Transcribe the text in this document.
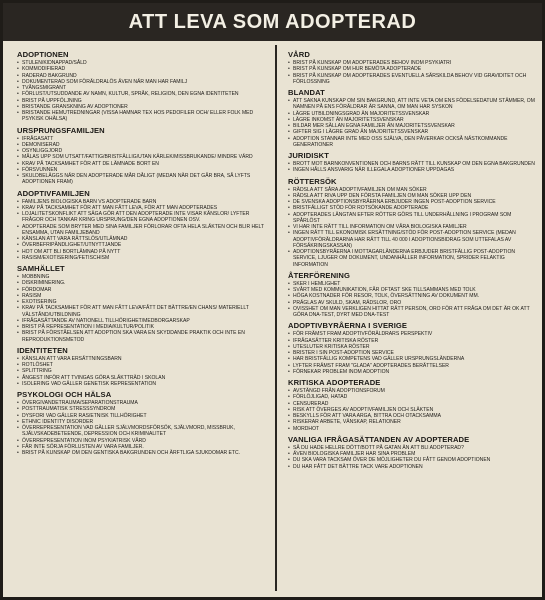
ATT LEVA SOM ADOPTERAD
ADOPTIONEN
• STULEN/KIDNAPPAD/SÅLD
• KOMMODIFIERAD
• RADERAD BAKGRUND
• DOKUMENTERAD SOM FÖRÄLDRALÖS ÄVEN NÄR MAN HAR FAMILJ
• TVÅNGSMIGRANT
• FÖRLUST/UTSUDDANDE AV NAMN, KULTUR, SPRÅK, RELIGION, DEN EGNA IDENTITETEN
• BRIST PÅ UPPFÖLJNING
• BRISTANDE GRANSKNING AV ADOPTIONER
• BRISTANDE HEMUTREDNINGAR (VISSA HAMNAR TEX HOS PEDOFILER OCH/ ELLER FOLK MED PSYKISK OHÄLSA)
URSPRUNGSFAMILJEN
• IFRÅGASATT
• DEMONISERAD
• OSYNLIGGJORD
• MÅLAS UPP SOM UTSATT/FATTIG/BRISTFÄLLIG/UTAN KÄRLEK/MISSBRUKANDE/ MINDRE VÄRD
• KRAV PÅ TACKSAMHET FÖR ATT DE LÄMNADE BORT EN
• FÖRSVUNNEN
• SKULDBELÄGGS NÄR DEN ADOPTERADE MÅR DÅLIGT (MEDAN NÄR DET GÅR BRA, SÅ LYFTS ADOPTIONEN FRAM)
ADOPTIVFAMILJEN
• FAMILJENS BIOLOGISKA BARN VS ADOPTERADE BARN
• KRAV PÅ TACKSAMHET FÖR ATT MAN FÅTT LEVA, FÖR ATT MAN ADOPTERADES
• LOJALITETSKONFLIKT ATT SÄGA GÖR ATT DEN ADOPTERADE INTE VISAR KÄNSLOR/ LYFTER FRÅGOR OCH TANKAR KRING URSPRUNG/DEN EGNA ADOPTIONEN OSV.
• ADOPTERADE SOM BRYTER MED SINA FAMILJER FÖRLORAR OFTA HELA SLÄKTEN OCH BLIR HELT ENSAMMA, UTAN FAMILJEBAND
• KÄNSLAN ATT VARA RÄTTSLÖS/UTLÄMNAD
• ÖVERBEFRIPÄNDLIGHET/UTNYTTJANDE
• HOT OM ATT BLI BORTLÄMNAD PÅ NYTT
• RASISM/EXOTISERING/FETISCHISM
SAMHÄLLET
• MOBBNING
• DISKRIMINERING.
• FÖRDOMAR
• RASISM
• EXOTISERING
• KRAV PÅ TACKSAMHET FÖR ATT MAN FÅTT LEVA/FÅTT DET BÄTTRE/EN CHANS/ MATERIELLT VÄLSTÅND/UTBILDNING
• IFRÅGASÄTTANDE AV NATIONELL TILLHÖRIGHET/MEDBORGARSKAP
• BRIST PÅ REPRESENTATION I MEDIA/KULTUR/POLITIK
• BRIST PÅ FÖRSTÅELSEN ATT ADOPTION SKA VARA EN SKYDDANDE PRAKTIK OCH INTE EN REPRODUKTIONSMETOD
IDENTITETEN
• KÄNSLAN ATT VARA ERSÄTTNINGSBARN
• ROTLÖSHET
• SPLITTRING
• ÅNGEST INFÖR ATT TVINGAS GÖRA SLÄKTTRÄD I SKOLAN
• ISOLERING VAD GÄLLER GENETISK REPRESENTATION
PSYKOLOGI OCH HÄLSA
• ÖVERGIVANDETRAUMA/SEPARATIONSTRAUMA
• POSTTRAUMATISK STRESSSYNDROM
• DYSFORI VAD GÄLLER RAS/ETNISK TILLHÖRIGHET
• ETHNIC IDENTITY DISORDER
• ÖVERREPRESENTATION VAD GÄLLER SJÄLVMORDSFÖRSÖK, SJÄLVMORD, MISSBRUK, SJÄLVSKADEBETEENDE, DEPRESSION OCH KRIMINALITET
• ÖVERREPRESENTATION INOM PSYKIATRISK VÅRD
• FÅR INTE SÖRJA FÖRLUSTEN AV VARA FAMILJER.
• BRIST PÅ KUNSKAP OM DEN GENTISKA BAKGRUNDEN OCH ÄRFTLIGA SJUKDOMAR ETC.
VÅRD
• BRIST PÅ KUNSKAP OM ADOPTERADES BEHOV INOM PSYKIATRI
• BRIST PÅ KUNSKAP OM HUR BEMÖTA ADOPTERADE
• BRIST PÅ KUNSKAP OM ADOPTERADES EVENTUELLA SÄRSKILDA BEHOV VID GRAVIDITET OCH FÖRLOSSNING
BLANDAT
• ATT SAKNA KUNSKAP OM SIN BAKGRUND, ATT INTE VETA OM ENS FÖDELSEDATUM STÄMMER, OM NAMNEN PÅ ENS FÖRÄLDRAR ÄR SANNA, OM MAN HAR SYSKON
• LÄGRE UTBILDNINGSGRAD ÄN MAJORITETSSVENSKAR
• LÄGRE INKOMST ÄN MAJORITETSSVENSKAR
• BILDAR MER SÄLLAN EGNA FAMILJER ÄN MAJORITETSSVENSKAR
• GIFTER SIG I LÄGRE GRAD ÄN MAJORITETSSVENSKAR
• ADOPTION STANNAR INTE MED OSS SJÄLVA, DEN PÅVERKAR OCKSÅ NÄSTKOMMANDE GENERATIONER
JURIDISKT
• BROTT MOT BARNKONVENTIONEN OCH BARNS RÄTT TILL KUNSKAP OM DEN EGNA BAKGRUNDEN
• INGEN HÅLLS ANSVARIG NÄR ILLEGALA ADOPTIONER UPPDAGAS
RÖTTERSÖK
• RÄDSLA ATT SÅRA ADOPTIVFAMILJEN OM MAN SÖKER
• RÄDSLA ATT RIVA UPP DEN FÖRSTA FAMILJEN OM MAN SÖKER UPP DEN
• DE SVENSKA ADOPTIONSBYRÅERNA ERBJUDER INGEN POST-ADOPTION SERVICE
• BRISTFÄLLIGT STÖD FÖR ROTSÖKANDE ADOPTERADE
• ADOPTERADES LÄNGTAN EFTER RÖTTER GÖRS TILL UNDERHÅLLNING I PROGRAM SOM SPÅRLÖST
• VI HAR INTE RÄTT TILL INFORMATION OM VÅRA BIOLOGISKA FAMILJER
• INGEN RÄTT TILL EKONOMISK ERSÄTTNING/STÖD FÖR POST-ADOPTION SERVICE (MEDAN ADOPTIVFÖRÄLDRARNA HAR RÄTT TILL 40 000 I ADOPTIONSBIDRAG SOM UTTEFALAS AV FÖRSÄKRINGSKASSAN)
• ADOPTIONSBYRÅERNA I MOTTAGARLÄNDERNA ERBJUDER BRISTFÄLLIG POST-ADOPTION SERVICE, LJUGER OM DOKUMENT, UNDANHÅLLER INFORMATION, SPRIDER FELAKTIG INFORMATION
ÅTERFÖRENING
• SKER I HEMLIGHET
• SVÅRT MED KOMMUNIKATION, FÅR OFTAST SKE TILLSAMMANS MED TOLK
• HÖGA KOSTNADER FÖR RESOR, TOLK, ÖVERSÄTTNING AV DOKUMENT MM.
• PRÄGLAS AV SKULD, SKAM, RÄDSLOR, ORO
• OVISSHET OM MAN VERKLIGEN HITTAT RÄTT PERSON, ORO FÖR ATT FRÅGA OM DET ÄR OK ATT GÖRA DNA-TEST, DYRT MED DNA-TEST
ADOPTIVBYRÅERNA I SVERIGE
• FÖR FRÄMST FRAM ADOPTIVFÖRÄLDRARS PERSPEKTIV
• IFRÅGASÄTTER KRITISKA RÖSTER
• UTESLUTER KRITISKA RÖSTER
• BRISTER I SIN POST-ADOPTION SERVICE
• HAR BRISTFÄLLIG KOMPETENS VAD GÄLLER URSPRUNGSLÄNDERNA
• LYFTER FRÄMST FRAM "GLADA" ADOPTERADES BERÄTTELSER
• FÖRNEKAR PROBLEM INOM ADOPTION
KRITISKA ADOPTERADE
• AVSTÄNGD FRÅN ADOPTIONSFORUM
• FÖRLÖJLIGAD, HATAD
• CENSURERAD
• RISK ATT ÖVERGES AV ADOPTIVFAMILJEN OCH SLÄKTEN
• BESKYLLS FÖR ATT VARA ARGA, BITTRA OCH OTACKSAMMA
• RISKERAR ARBETE, VÄNSKAP, RELATIONER
• MORDHOT
VANLIGA IFRÅGASÄTTANDEN AV ADOPTERADE
• SÅ DU HADE HELLRE DÖTT/BOTT PÅ GATAN ÄN ATT BLI ADOPTERAD?
• ÄVEN BIOLOGISKA FAMILJER HAR SINA PROBLEM
• DU SKA VARA TACKSAM ÖVER DE MÖJLIGHETER DU FÅTT GENOM ADOPTIONEN
• DU HAR FÅTT DET BÄTTRE TACK VARE ADOPTIONEN
